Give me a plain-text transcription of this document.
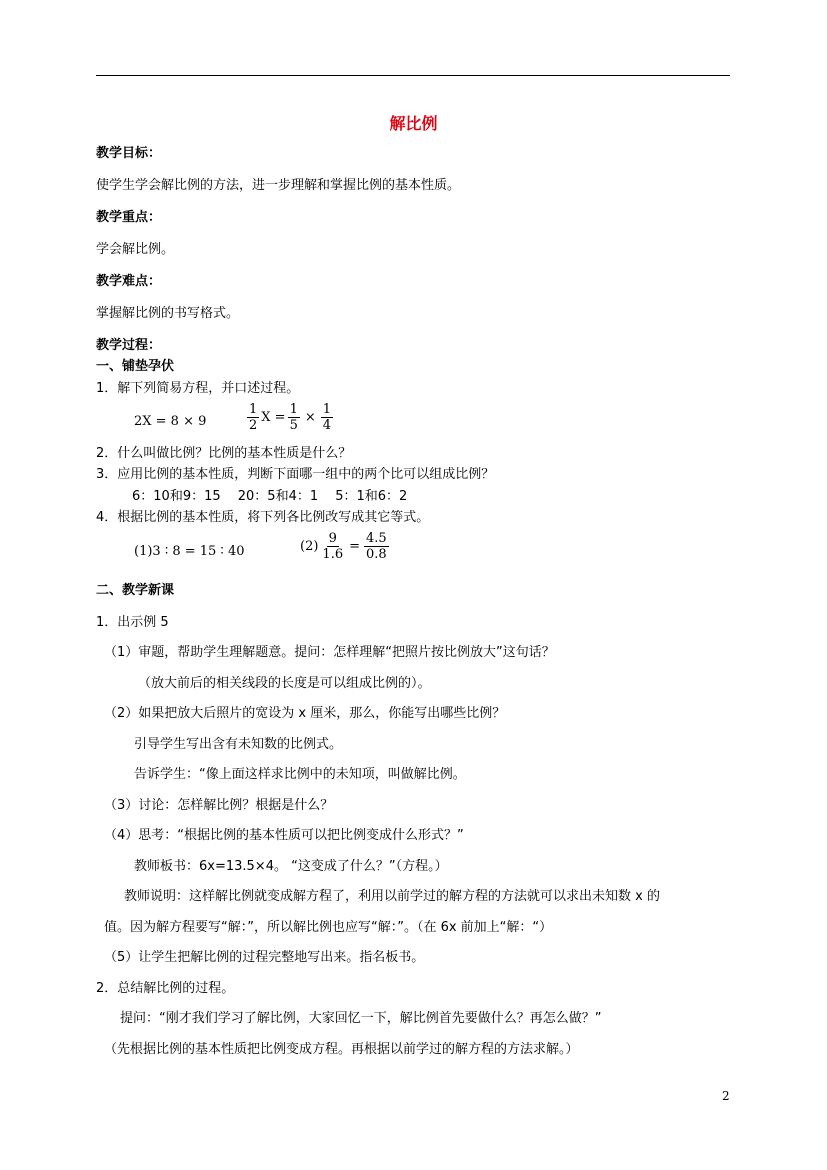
解比例
教学目标：
使学生学会解比例的方法，进一步理解和掌握比例的基本性质。
教学重点：
学会解比例。
教学难点：
掌握解比例的书写格式。
教学过程：
一、铺垫孕伏
1．解下列简易方程，并口述过程。
2X = 8 × 9	$\frac{1}{2}$ $X = \frac{1}{5} \times \frac{1}{4}$
2．什么叫做比例？比例的基本性质是什么？
3．应用比例的基本性质，判断下面哪一组中的两个比可以组成比例？
6：10和9：15　 20：5和4：1　 5：1和6：2
4．根据比例的基本性质，将下列各比例改写成其它等式。
(1)3 ∶ 8 = 15 ∶ 40	$(2) \frac{9}{1.6} = \frac{4.5}{0.8}$
二、教学新课
1．出示例 5
（1）审题，帮助学生理解题意。提问：怎样理解“把照片按比例放大”这句话？
（放大前后的相关线段的长度是可以组成比例的）。
（2）如果把放大后照片的宽设为 x 厘米，那么，你能写出哪些比例？
引导学生写出含有未知数的比例式。
告诉学生：“像上面这样求比例中的未知项，叫做解比例。
（3）讨论：怎样解比例？根据是什么？
（4）思考：“根据比例的基本性质可以把比例变成什么形式？”
教师板书：6x=13.5×4。 “这变成了什么？”（方程。）
教师说明：这样解比例就变成解方程了，利用以前学过的解方程的方法就可以求出未知数 x 的
值。因为解方程要写“解：”，所以解比例也应写“解：”。（在 6x 前加上“解：“）
（5）让学生把解比例的过程完整地写出来。指名板书。
2．总结解比例的过程。
提问：“刚才我们学习了解比例，大家回忆一下，解比例首先要做什么？再怎么做？”
（先根据比例的基本性质把比例变成方程。再根据以前学过的解方程的方法求解。）
2
